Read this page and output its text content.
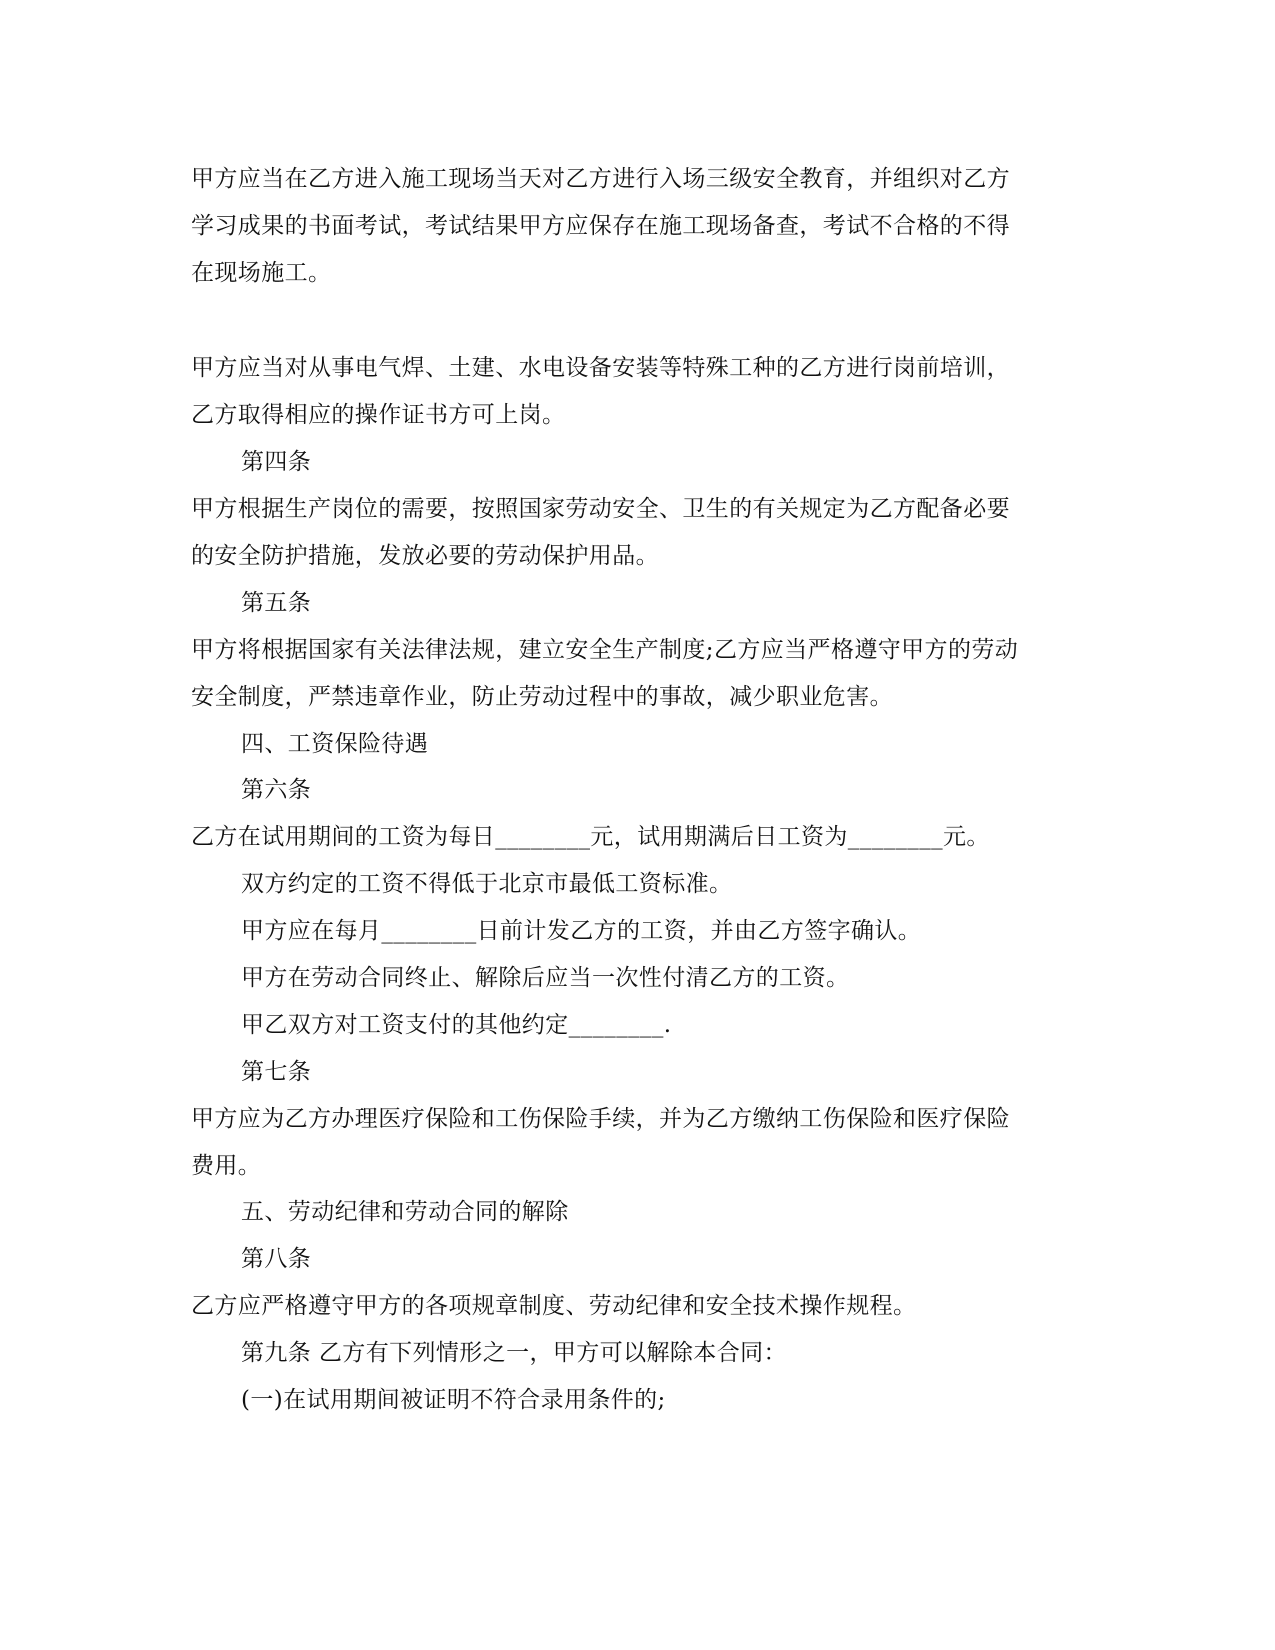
甲方应当在乙方进入施工现场当天对乙方进行入场三级安全教育，并组织对乙方

学习成果的书面考试，考试结果甲方应保存在施工现场备查，考试不合格的不得

在现场施工。

甲方应当对从事电气焊、土建、水电设备安装等特殊工种的乙方进行岗前培训，

乙方取得相应的操作证书方可上岗。

第四条

甲方根据生产岗位的需要，按照国家劳动安全、卫生的有关规定为乙方配备必要

的安全防护措施，发放必要的劳动保护用品。

第五条

甲方将根据国家有关法律法规，建立安全生产制度;乙方应当严格遵守甲方的劳动

安全制度，严禁违章作业，防止劳动过程中的事故，减少职业危害。

四、工资保险待遇

第六条

乙方在试用期间的工资为每日________元，试用期满后日工资为________元。

双方约定的工资不得低于北京市最低工资标准。

甲方应在每月________日前计发乙方的工资，并由乙方签字确认。

甲方在劳动合同终止、解除后应当一次性付清乙方的工资。

甲乙双方对工资支付的其他约定________.

第七条

甲方应为乙方办理医疗保险和工伤保险手续，并为乙方缴纳工伤保险和医疗保险

费用。

五、劳动纪律和劳动合同的解除

第八条

乙方应严格遵守甲方的各项规章制度、劳动纪律和安全技术操作规程。

第九条 乙方有下列情形之一，甲方可以解除本合同：

(一)在试用期间被证明不符合录用条件的;
